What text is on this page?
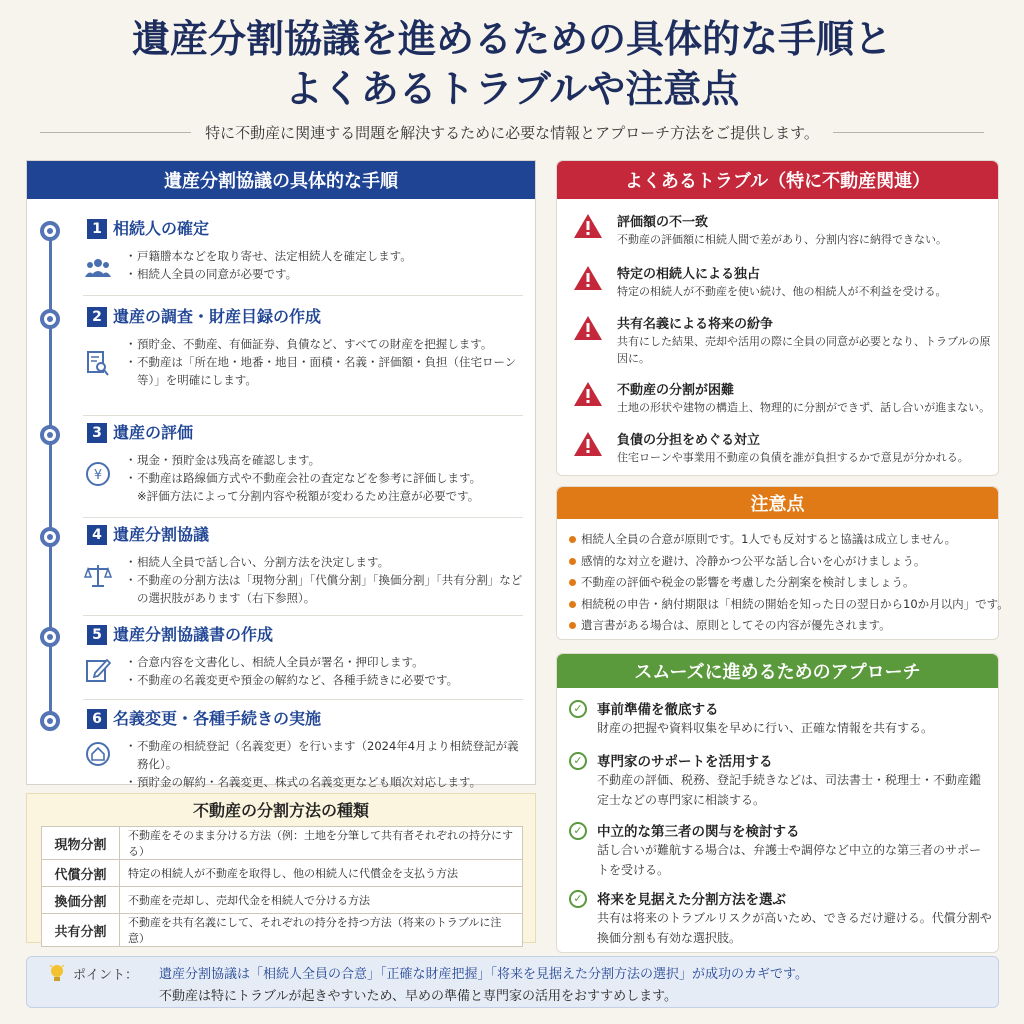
遺産分割協議を進めるための具体的な手順と
よくあるトラブルや注意点
特に不動産に関連する問題を解決するために必要な情報とアプローチ方法をご提供します。
遺産分割協議の具体的な手順
1 相続人の確定
・ 戸籍謄本などを取り寄せ、法定相続人を確定します。
・ 相続人全員の同意が必要です。
2 遺産の調査・財産目録の作成
・ 預貯金、不動産、有価証券、負債など、すべての財産を把握します。
・ 不動産は「所在地・地番・地目・面積・名義・評価額・負担（住宅ローン等）」を明確にします。
3 遺産の評価
¥
・ 現金・預貯金は残高を確認します。
・ 不動産は路線価方式や不動産会社の査定などを参考に評価します。
※評価方法によって分割内容や税額が変わるため注意が必要です。
4 遺産分割協議
・ 相続人全員で話し合い、分割方法を決定します。
・ 不動産の分割方法は「現物分割」「代償分割」「換価分割」「共有分割」などの選択肢があります（右下参照）。
5 遺産分割協議書の作成
・ 合意内容を文書化し、相続人全員が署名・押印します。
・ 不動産の名義変更や預金の解約など、各種手続きに必要です。
6 名義変更・各種手続きの実施
・ 不動産の相続登記（名義変更）を行います（2024年4月より相続登記が義務化）。
・ 預貯金の解約・名義変更、株式の名義変更なども順次対応します。
不動産の分割方法の種類
現物分割	不動産をそのまま分ける方法（例：土地を分筆して共有者それぞれの持分にする）
代償分割	特定の相続人が不動産を取得し、他の相続人に代償金を支払う方法
換価分割	不動産を売却し、売却代金を相続人で分ける方法
共有分割	不動産を共有名義にして、それぞれの持分を持つ方法（将来のトラブルに注意）
よくあるトラブル（特に不動産関連）
評価額の不一致
不動産の評価額に相続人間で差があり、分割内容に納得できない。
特定の相続人による独占
特定の相続人が不動産を使い続け、他の相続人が不利益を受ける。
共有名義による将来の紛争
共有にした結果、売却や活用の際に全員の同意が必要となり、トラブルの原因に。
不動産の分割が困難
土地の形状や建物の構造上、物理的に分割ができず、話し合いが進まない。
負債の分担をめぐる対立
住宅ローンや事業用不動産の負債を誰が負担するかで意見が分かれる。
注意点
相続人全員の合意が原則です。1人でも反対すると協議は成立しません。
感情的な対立を避け、冷静かつ公平な話し合いを心がけましょう。
不動産の評価や税金の影響を考慮した分割案を検討しましょう。
相続税の申告・納付期限は「相続の開始を知った日の翌日から10か月以内」です。
遺言書がある場合は、原則としてその内容が優先されます。
スムーズに進めるためのアプローチ
✓	事前準備を徹底する
財産の把握や資料収集を早めに行い、正確な情報を共有する。
✓	専門家のサポートを活用する
不動産の評価、税務、登記手続きなどは、司法書士・税理士・不動産鑑定士などの専門家に相談する。
✓	中立的な第三者の関与を検討する
話し合いが難航する場合は、弁護士や調停など中立的な第三者のサポートを受ける。
✓	将来を見据えた分割方法を選ぶ
共有は将来のトラブルリスクが高いため、できるだけ避ける。代償分割や換価分割も有効な選択肢。
ポイント： 遺産分割協議は「相続人全員の合意」「正確な財産把握」「将来を見据えた分割方法の選択」が成功のカギです。
不動産は特にトラブルが起きやすいため、早めの準備と専門家の活用をおすすめします。
